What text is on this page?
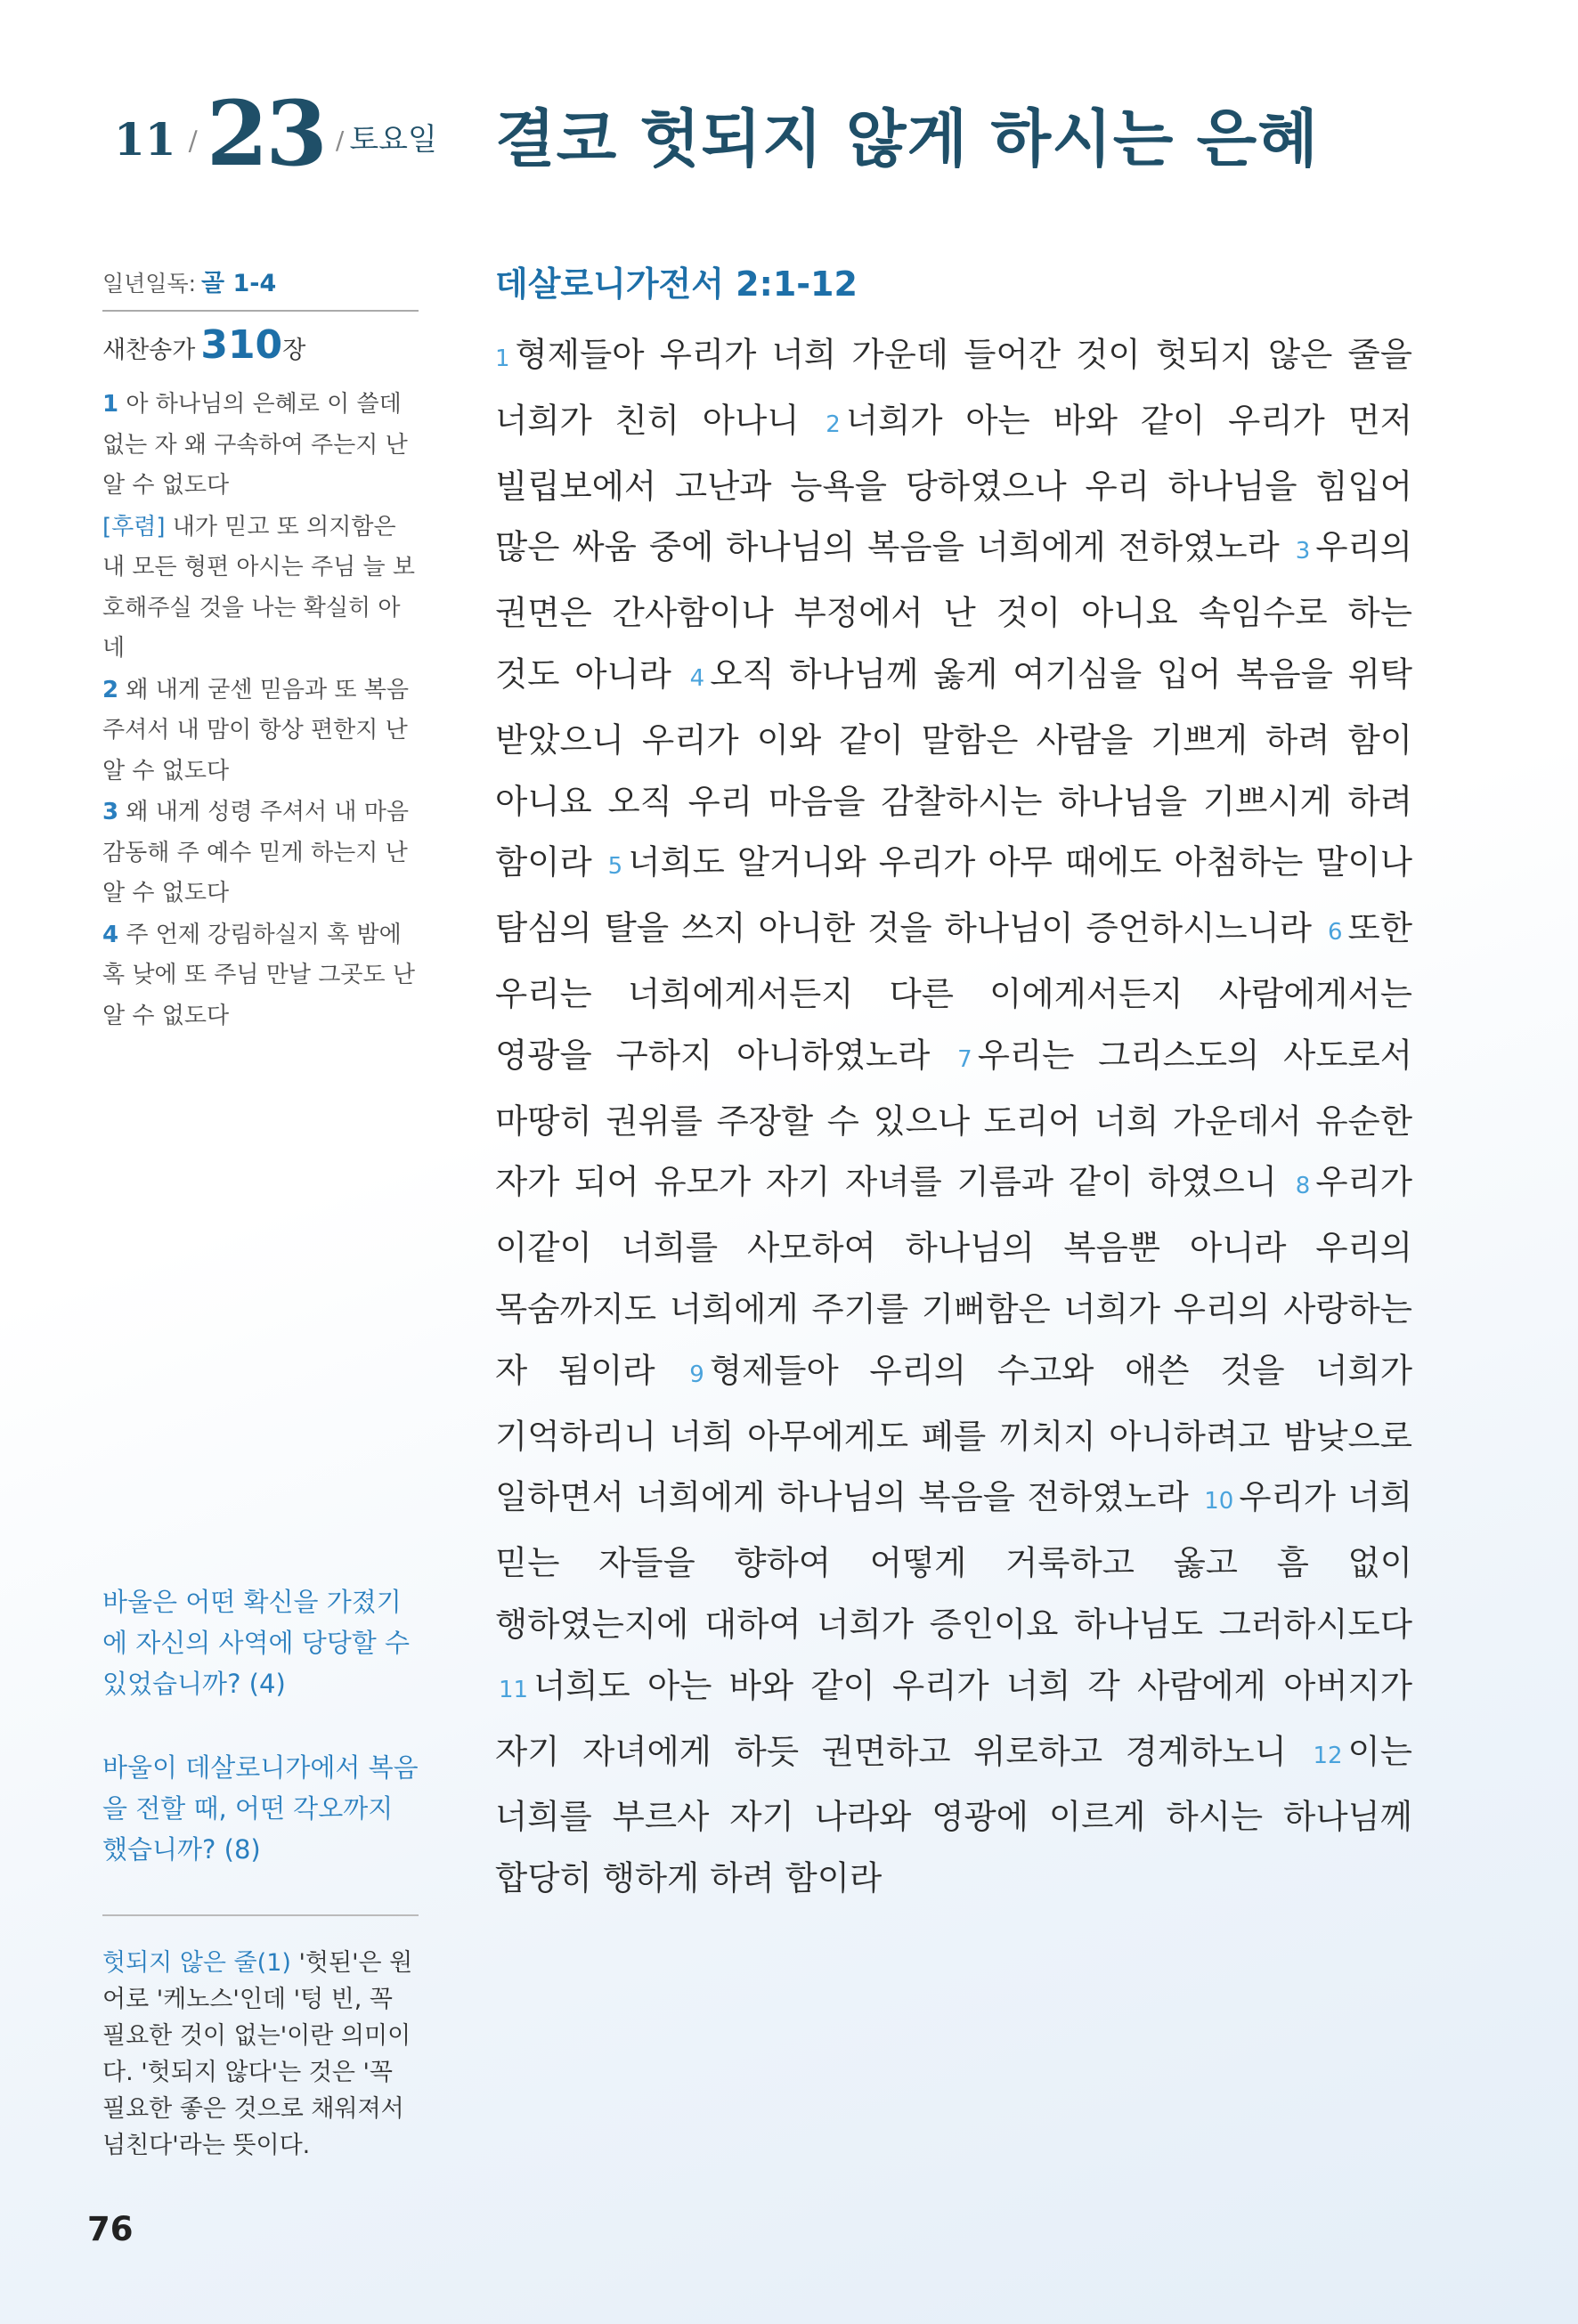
11 / 23 / 토요일 결코 헛되지 않게 하시는 은혜
일년일독: 골 1-4
새찬송가 310 장

1 아 하나님의 은혜로 이 쓸데없는 자 왜 구속하여 주는지 난 알 수 없도다

[후렴] 내가 믿고 또 의지함은 내 모든 형편 아시는 주님 늘 보호해주실 것을 나는 확실히 아네

2 왜 내게 굳센 믿음과 또 복음 주셔서 내 맘이 항상 편한지 난 알 수 없도다

3 왜 내게 성령 주셔서 내 마음 감동해 주 예수 믿게 하는지 난 알 수 없도다

4 주 언제 강림하실지 혹 밤에 혹 낮에 또 주님 만날 그곳도 난 알 수 없도다

바울은 어떤 확신을 가졌기에 자신의 사역에 당당할 수 있었습니까? (4)
바울이 데살로니가에서 복음을 전할 때, 어떤 각오까지 했습니까? (8)
헛되지 않은 줄(1) '헛된'은 원어로 '케노스'인데 '텅 빈, 꼭 필요한 것이 없는'이란 의미이다. '헛되지 않다'는 것은 '꼭 필요한 좋은 것으로 채워져서 넘친다'라는 뜻이다.
76
데살로니가전서 2:1-12
1 형제들아 우리가 너희 가운데 들어간 것이 헛되지 않은 줄을 너희가 친히 아나니 2 너희가 아는 바와 같이 우리가 먼저 빌립보에서 고난과 능욕을 당하였으나 우리 하나님을 힘입어 많은 싸움 중에 하나님의 복음을 너희에게 전하였노라 3 우리의 권면은 간사함이나 부정에서 난 것이 아니요 속임수로 하는 것도 아니라 4 오직 하나님께 옳게 여기심을 입어 복음을 위탁 받았으니 우리가 이와 같이 말함은 사람을 기쁘게 하려 함이 아니요 오직 우리 마음을 감찰하시는 하나님을 기쁘시게 하려 함이라 5 너희도 알거니와 우리가 아무 때에도 아첨하는 말이나 탐심의 탈을 쓰지 아니한 것을 하나님이 증언하시느니라 6 또한 우리는 너희에게서든지 다른 이에게서든지 사람에게서는 영광을 구하지 아니하였노라 7 우리는 그리스도의 사도로서 마땅히 권위를 주장할 수 있으나 도리어 너희 가운데서 유순한 자가 되어 유모가 자기 자녀를 기름과 같이 하였으니 8 우리가 이같이 너희를 사모하여 하나님의 복음뿐 아니라 우리의 목숨까지도 너희에게 주기를 기뻐함은 너희가 우리의 사랑하는 자 됨이라 9 형제들아 우리의 수고와 애쓴 것을 너희가 기억하리니 너희 아무에게도 폐를 끼치지 아니하려고 밤낮으로 일하면서 너희에게 하나님의 복음을 전하였노라 10 우리가 너희 믿는 자들을 향하여 어떻게 거룩하고 옳고 흠 없이 행하였는지에 대하여 너희가 증인이요 하나님도 그러하시도다 11 너희도 아는 바와 같이 우리가 너희 각 사람에게 아버지가 자기 자녀에게 하듯 권면하고 위로하고 경계하노니 12 이는 너희를 부르사 자기 나라와 영광에 이르게 하시는 하나님께 합당히 행하게 하려 함이라
